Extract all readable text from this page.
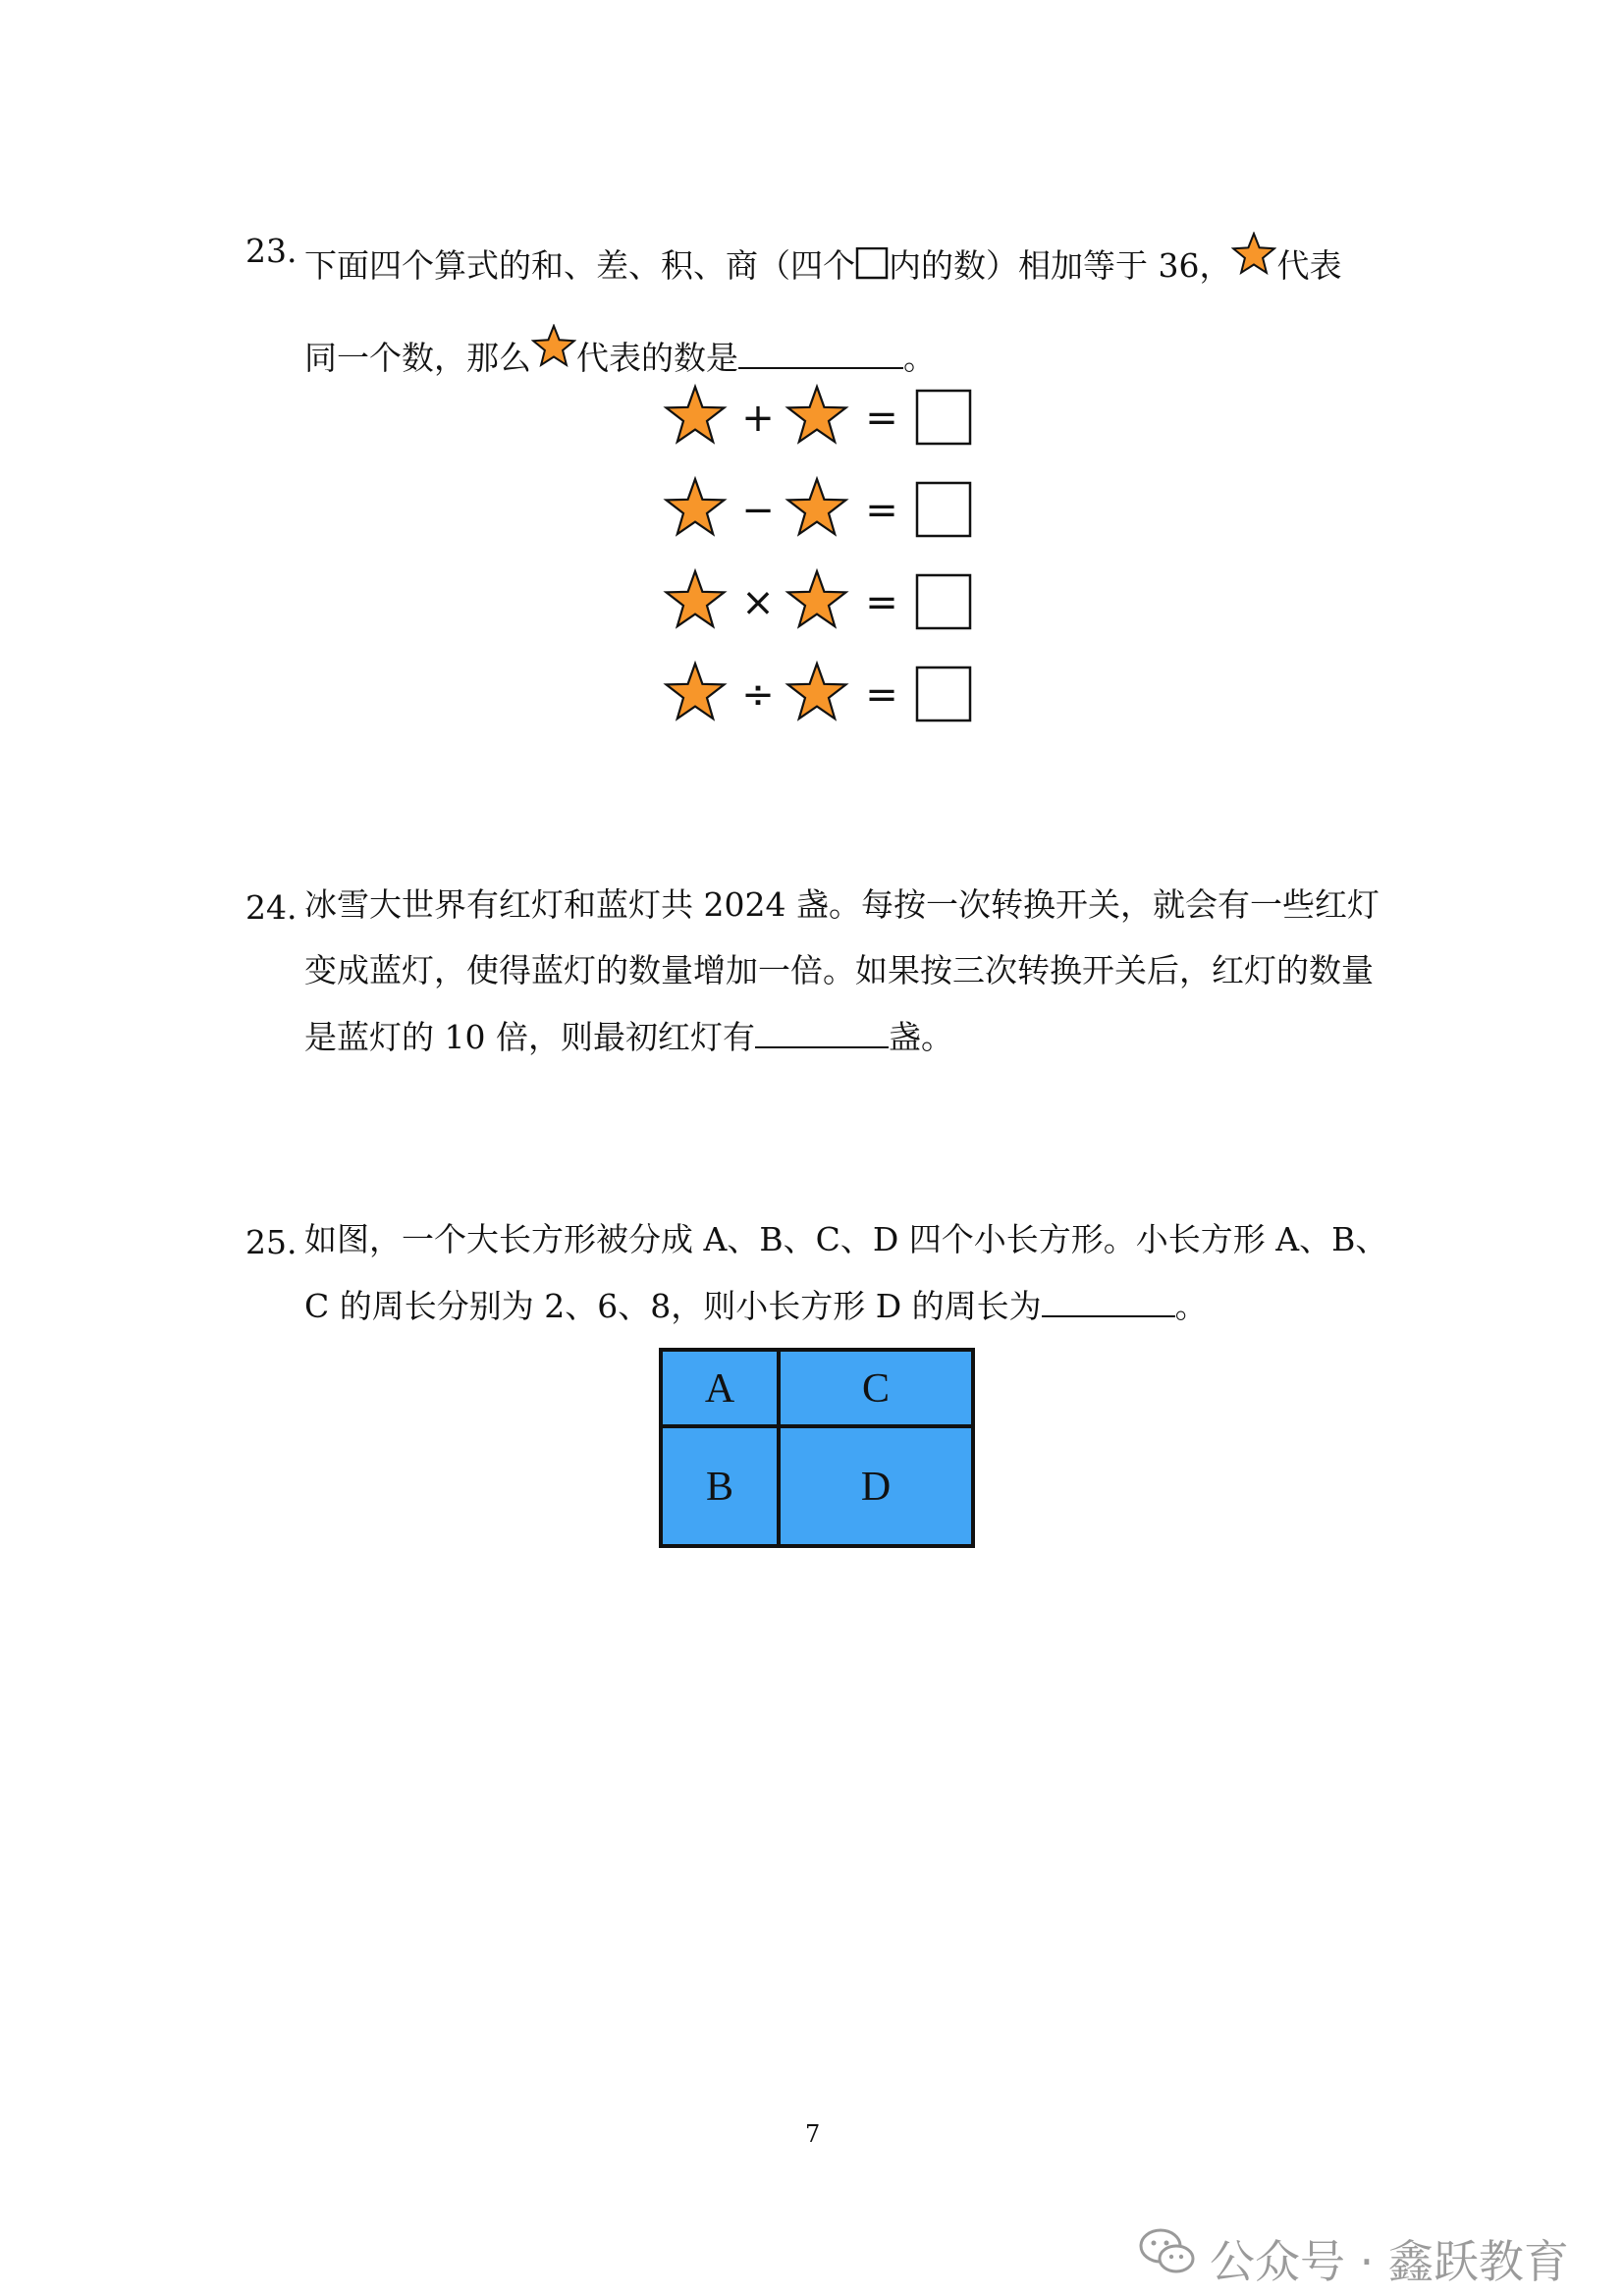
23. 下面四个算式的和、差、积、商（四个 内的数）相加等于 36， 代表
同一个数，那么 代表的数是	。
+ =
− =
× =
÷ =
24. 冰雪大世界有红灯和蓝灯共 2024 盏。每按一次转换开关，就会有一些红灯
变成蓝灯，使得蓝灯的数量增加一倍。如果按三次转换开关后，红灯的数量
是蓝灯的 10 倍，则最初红灯有	盏。
25. 如图，一个大长方形被分成 A、B、C、D 四个小长方形。小长方形 A、B、
C 的周长分别为 2、6、8，则小长方形 D 的周长为	。
A	C
B	D
7
公众号 · 鑫跃教育
